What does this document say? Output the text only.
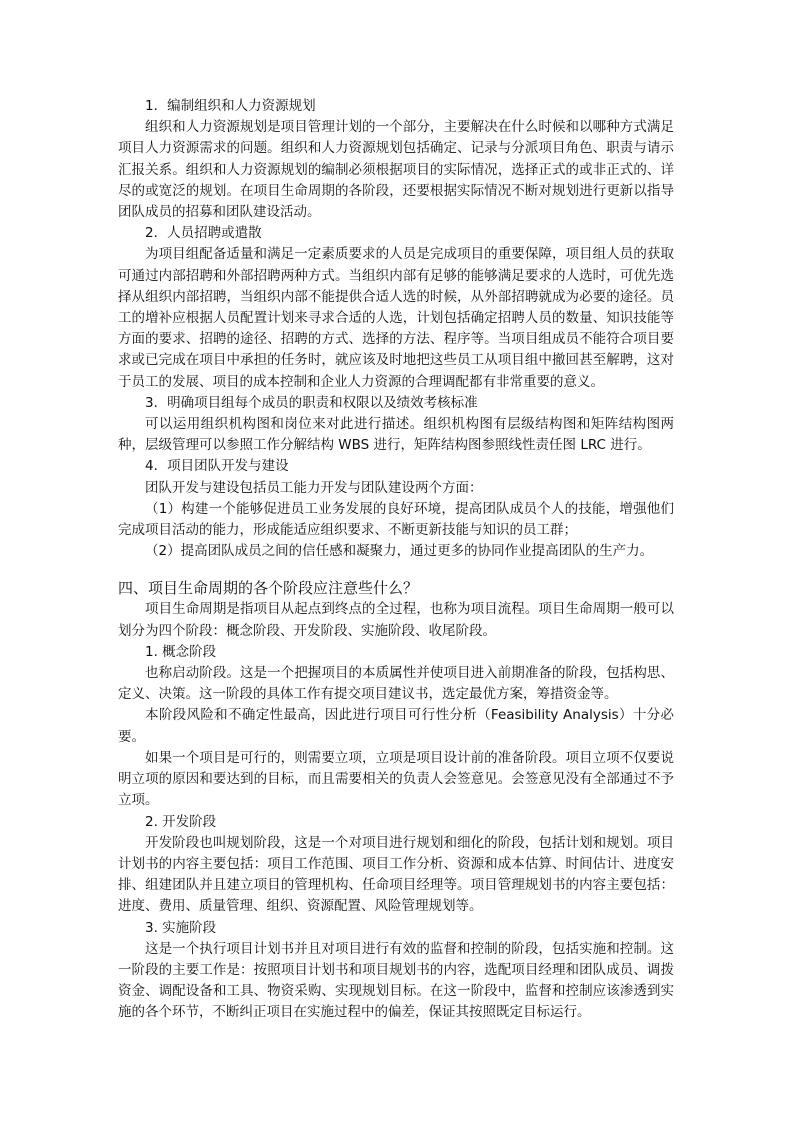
1．编制组织和人力资源规划

组织和人力资源规划是项目管理计划的一个部分，主要解决在什么时候和以哪种方式满足项目人力资源需求的问题。组织和人力资源规划包括确定、记录与分派项目角色、职责与请示汇报关系。组织和人力资源规划的编制必须根据项目的实际情况，选择正式的或非正式的、详尽的或宽泛的规划。在项目生命周期的各阶段，还要根据实际情况不断对规划进行更新以指导团队成员的招募和团队建设活动。

2．人员招聘或遣散

为项目组配备适量和满足一定素质要求的人员是完成项目的重要保障，项目组人员的获取可通过内部招聘和外部招聘两种方式。当组织内部有足够的能够满足要求的人选时，可优先选择从组织内部招聘，当组织内部不能提供合适人选的时候，从外部招聘就成为必要的途径。员工的增补应根据人员配置计划来寻求合适的人选，计划包括确定招聘人员的数量、知识技能等方面的要求、招聘的途径、招聘的方式、选择的方法、程序等。当项目组成员不能符合项目要求或已完成在项目中承担的任务时，就应该及时地把这些员工从项目组中撤回甚至解聘，这对于员工的发展、项目的成本控制和企业人力资源的合理调配都有非常重要的意义。

3．明确项目组每个成员的职责和权限以及绩效考核标准

可以运用组织机构图和岗位来对此进行描述。组织机构图有层级结构图和矩阵结构图两种，层级管理可以参照工作分解结构 WBS 进行，矩阵结构图参照线性责任图 LRC 进行。

4．项目团队开发与建设

团队开发与建设包括员工能力开发与团队建设两个方面：

（1）构建一个能够促进员工业务发展的良好环境，提高团队成员个人的技能，增强他们完成项目活动的能力，形成能适应组织要求、不断更新技能与知识的员工群；

（2）提高团队成员之间的信任感和凝聚力，通过更多的协同作业提高团队的生产力。

四、项目生命周期的各个阶段应注意些什么？

项目生命周期是指项目从起点到终点的全过程，也称为项目流程。项目生命周期一般可以划分为四个阶段：概念阶段、开发阶段、实施阶段、收尾阶段。

1. 概念阶段

也称启动阶段。这是一个把握项目的本质属性并使项目进入前期准备的阶段，包括构思、定义、决策。这一阶段的具体工作有提交项目建议书，选定最优方案，筹措资金等。

本阶段风险和不确定性最高，因此进行项目可行性分析（Feasibility Analysis）十分必要。

如果一个项目是可行的，则需要立项，立项是项目设计前的准备阶段。项目立项不仅要说明立项的原因和要达到的目标，而且需要相关的负责人会签意见。会签意见没有全部通过不予立项。

2. 开发阶段

开发阶段也叫规划阶段，这是一个对项目进行规划和细化的阶段，包括计划和规划。项目计划书的内容主要包括：项目工作范围、项目工作分析、资源和成本估算、时间估计、进度安排、组建团队并且建立项目的管理机构、任命项目经理等。项目管理规划书的内容主要包括：进度、费用、质量管理、组织、资源配置、风险管理规划等。

3. 实施阶段

这是一个执行项目计划书并且对项目进行有效的监督和控制的阶段，包括实施和控制。这一阶段的主要工作是：按照项目计划书和项目规划书的内容，选配项目经理和团队成员、调拨资金、调配设备和工具、物资采购、实现规划目标。在这一阶段中，监督和控制应该渗透到实施的各个环节，不断纠正项目在实施过程中的偏差，保证其按照既定目标运行。
